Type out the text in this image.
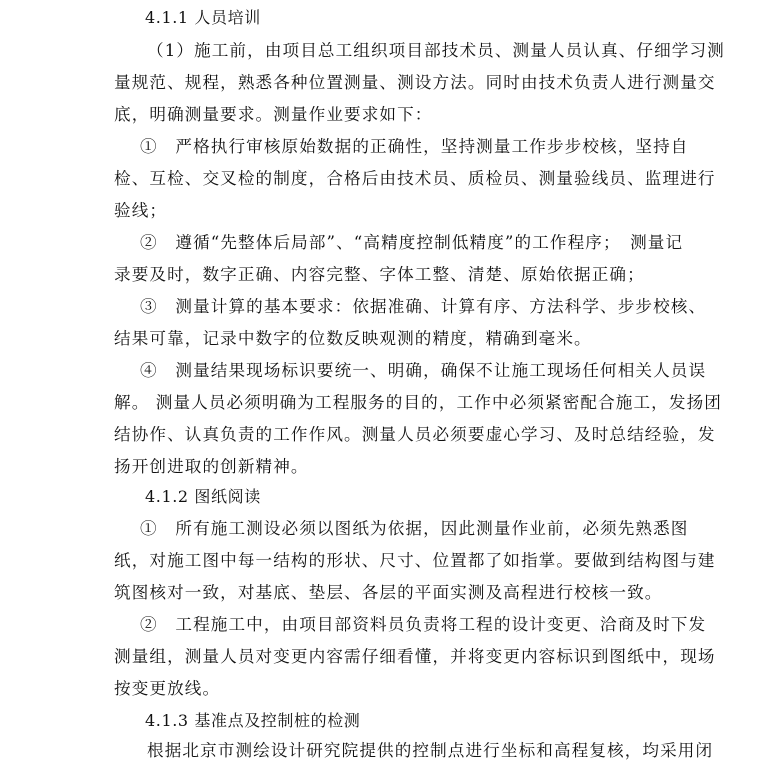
4.1.1 人员培训
（1）施工前，由项目总工组织项目部技术员、测量人员认真、仔细学习测
量规范、规程，熟悉各种位置测量、测设方法。同时由技术负责人进行测量交
底，明确测量要求。测量作业要求如下：
①　严格执行审核原始数据的正确性，坚持测量工作步步校核，坚持自
检、互检、交叉检的制度，合格后由技术员、质检员、测量验线员、监理进行
验线；
②　遵循“先整体后局部”、“高精度控制低精度”的工作程序；　测量记
录要及时，数字正确、内容完整、字体工整、清楚、原始依据正确；
③　测量计算的基本要求：依据准确、计算有序、方法科学、步步校核、
结果可靠，记录中数字的位数反映观测的精度，精确到毫米。
④　测量结果现场标识要统一、明确，确保不让施工现场任何相关人员误
解。 测量人员必须明确为工程服务的目的，工作中必须紧密配合施工，发扬团
结协作、认真负责的工作作风。测量人员必须要虚心学习、及时总结经验，发
扬开创进取的创新精神。
4.1.2 图纸阅读
①　所有施工测设必须以图纸为依据，因此测量作业前，必须先熟悉图
纸，对施工图中每一结构的形状、尺寸、位置都了如指掌。要做到结构图与建
筑图核对一致，对基底、垫层、各层的平面实测及高程进行校核一致。
②　工程施工中，由项目部资料员负责将工程的设计变更、洽商及时下发
测量组，测量人员对变更内容需仔细看懂，并将变更内容标识到图纸中，现场
按变更放线。
4.1.3 基准点及控制桩的检测
根据北京市测绘设计研究院提供的控制点进行坐标和高程复核，均采用闭
